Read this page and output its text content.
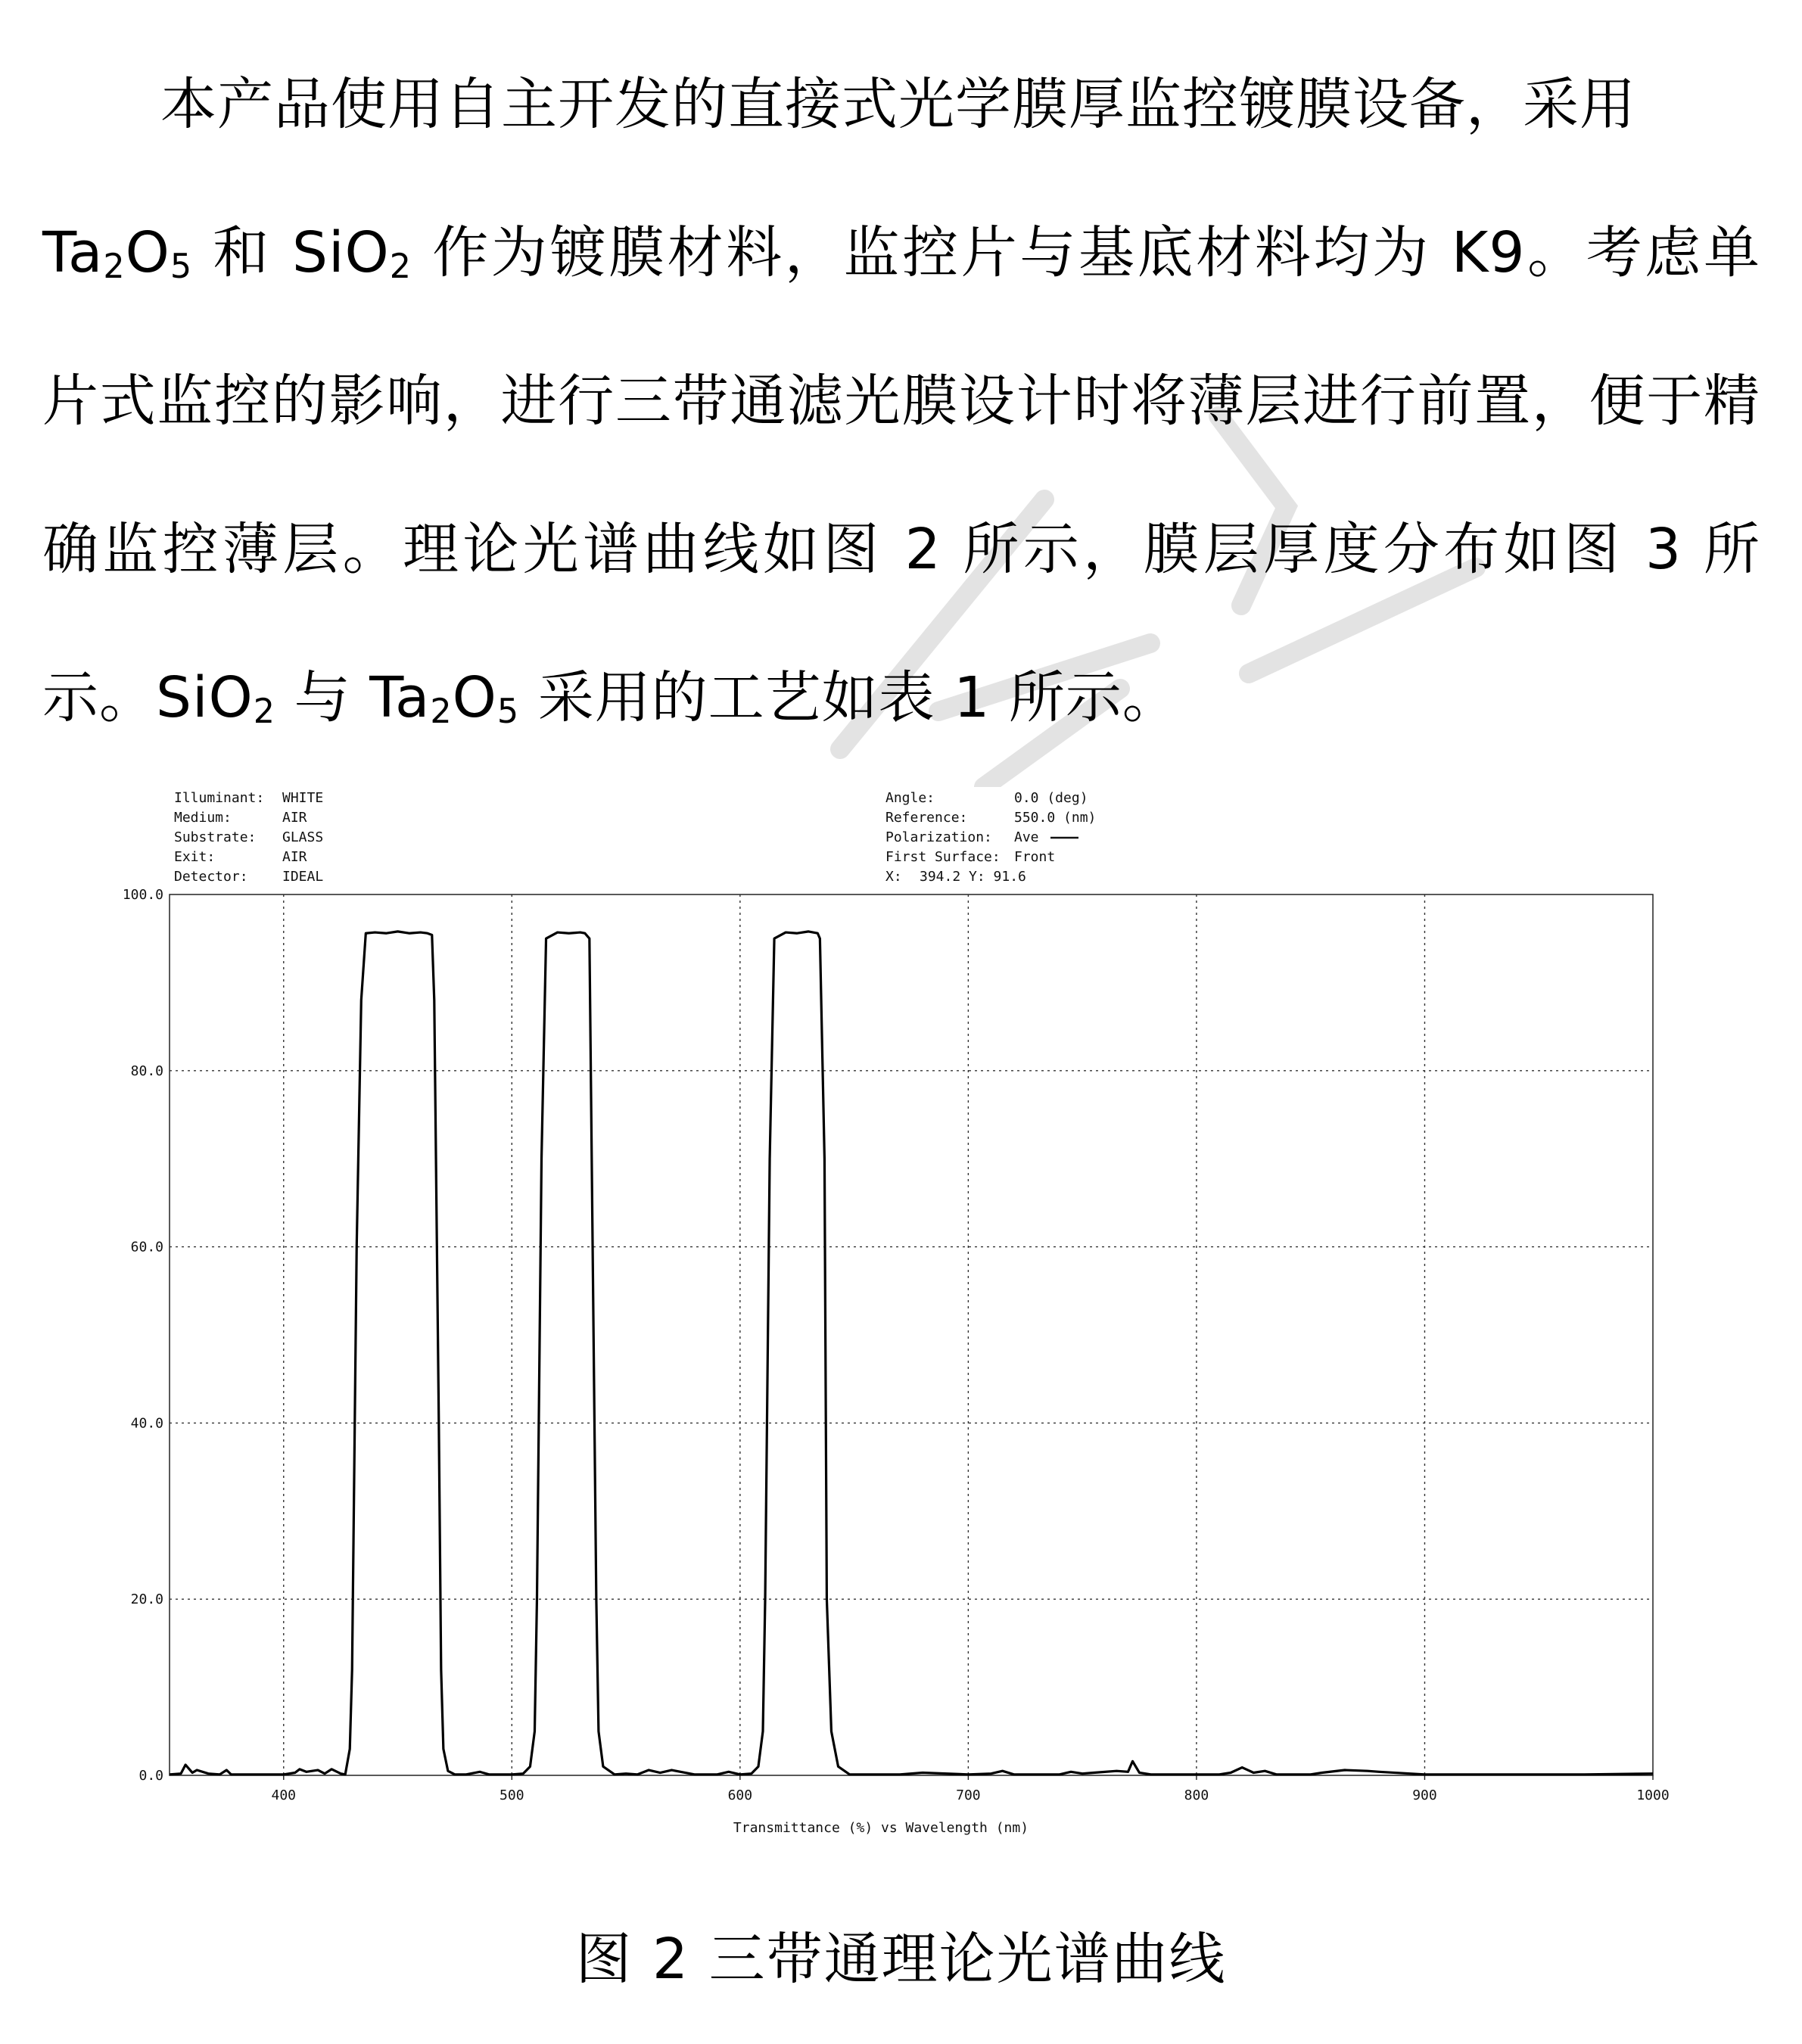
本产品使用自主开发的直接式光学膜厚监控镀膜设备，采用
$Ta_2O_5$ 和 SiO$_2$ 作为镀膜材料，监控片与基底材料均为 K9。考虑单片式监控的影响，进行三带通滤光膜设计时将薄层进行前置，便于精确监控薄层。理论光谱曲线如图 2 所示，膜层厚度分布如图 3 所示。SiO$_2$ 与 $Ta_2O_5$ 采用的工艺如表 1 所示。
Illuminant: WHITE
Medium:	AIR
Substrate: GLASS
Exit:	AIR
Detector:	IDEAL
Angle:	0.0 (deg)
Reference:	550.0 (nm)
Polarization: Ave
First Surface: Front
X: 394.2 Y: 91.6
100.0
80.0
60.0
40.0
20.0
0.0
400	500	600	700	800	900	1000
Transmittance (%) vs Wavelength (nm)
图 2 三带通理论光谱曲线
